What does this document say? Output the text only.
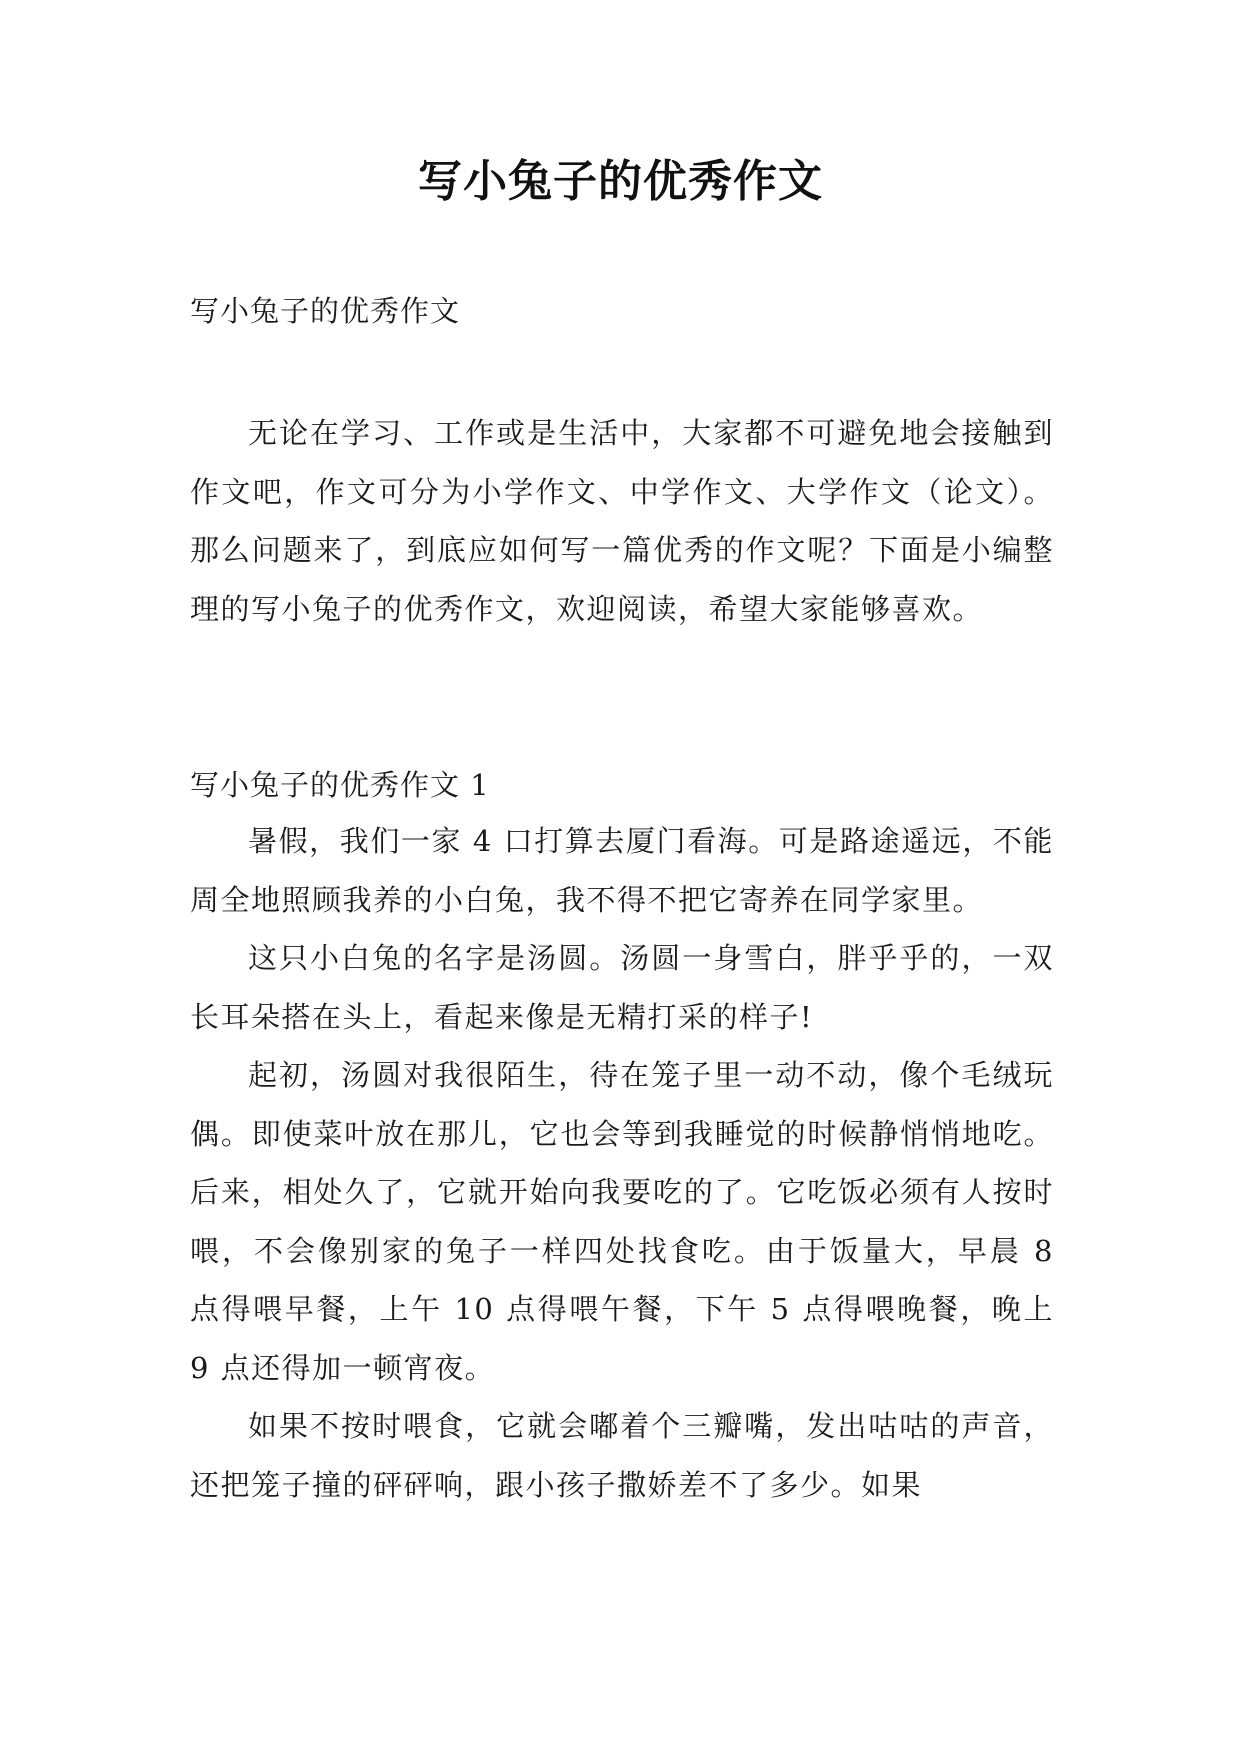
写小兔子的优秀作文
写小兔子的优秀作文

无论在学习、工作或是生活中，大家都不可避免地会接触到作文吧，作文可分为小学作文、中学作文、大学作文（论文）。那么问题来了，到底应如何写一篇优秀的作文呢？下面是小编整理的写小兔子的优秀作文，欢迎阅读，希望大家能够喜欢。

写小兔子的优秀作文 1

暑假，我们一家 4 口打算去厦门看海。可是路途遥远，不能周全地照顾我养的小白兔，我不得不把它寄养在同学家里。

这只小白兔的名字是汤圆。汤圆一身雪白，胖乎乎的，一双长耳朵搭在头上，看起来像是无精打采的样子!

起初，汤圆对我很陌生，待在笼子里一动不动，像个毛绒玩偶。即使菜叶放在那儿，它也会等到我睡觉的时候静悄悄地吃。后来，相处久了，它就开始向我要吃的了。它吃饭必须有人按时喂，不会像别家的兔子一样四处找食吃。由于饭量大，早晨 8 点得喂早餐，上午 10 点得喂午餐，下午 5 点得喂晚餐，晚上 9 点还得加一顿宵夜。

如果不按时喂食，它就会嘟着个三瓣嘴，发出咕咕的声音，还把笼子撞的砰砰响，跟小孩子撒娇差不了多少。如果
